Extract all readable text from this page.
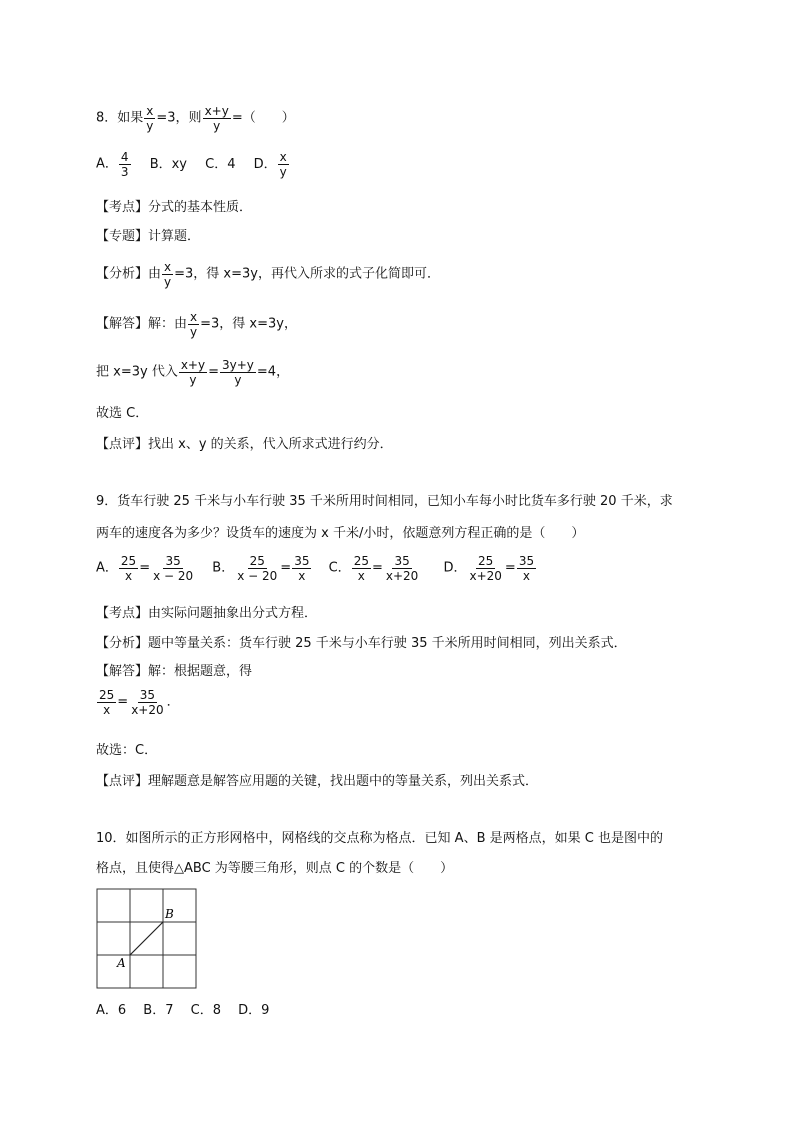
8．如果 $\frac{x}{y} =3$，则 $\frac{x+y}{y}$ =（　　）
A． $\frac{4}{3}$ B．xy C．4 D． $\frac{x}{y}$
【考点】分式的基本性质．
【专题】计算题．
【分析】由 $\frac{x}{y} =3$，得 x=3y，再代入所求的式子化简即可．
【解答】解：由 $\frac{x}{y} =3$，得 x=3y，
把 x=3y 代入 $\frac{x+y}{y} = \frac{3y+y}{y} =4$，
故选 C．
【点评】找出 x、y 的关系，代入所求式进行约分．
9．货车行驶 25 千米与小车行驶 35 千米所用时间相同，已知小车每小时比货车多行驶 20 千米，求
两车的速度各为多少？设货车的速度为 x 千米/小时，依题意列方程正确的是（　　）
A． $\frac{25}{x} = \frac{35}{x - 20}$ B． $\frac{25}{x - 20} = \frac{35}{x}$ C． $\frac{25}{x} = \frac{35}{x+20}$ D． $\frac{25}{x+20} = \frac{35}{x}$
【考点】由实际问题抽象出分式方程．
【分析】题中等量关系：货车行驶 25 千米与小车行驶 35 千米所用时间相同，列出关系式．
【解答】解：根据题意，得
$\frac{25}{x} = \frac{35}{x+20}$ ．
故选：C．
【点评】理解题意是解答应用题的关键，找出题中的等量关系，列出关系式．
10．如图所示的正方形网格中，网格线的交点称为格点．已知 A、B 是两格点，如果 C 也是图中的
格点，且使得△ABC 为等腰三角形，则点 C 的个数是（　　）
B
A
A．6　 B．7　 C．8　 D．9
